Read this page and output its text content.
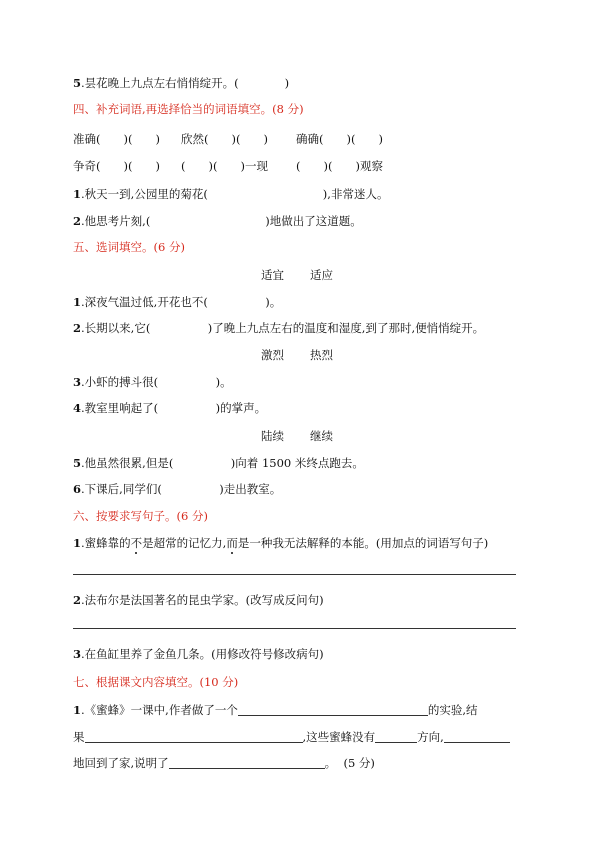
5.昙花晚上九点左右悄悄绽开。(　　　　)
四、补充词语,再选择恰当的词语填空。(8 分)
准确(　　)(　　) 欣然(　　)(　　) 确确(　　)(　　)
争奇(　　)(　　) (　　)(　　)一现 (　　)(　　)观察
1.秋天一到,公园里的菊花(　　　　　　　　　　),非常迷人。
2.他思考片刻,(　　　　　　　　　　)地做出了这道题。
五、选词填空。(6 分)
适宜 适应
1.深夜气温过低,开花也不(　　　　　)。
2.长期以来,它(　　　　　)了晚上九点左右的温度和湿度,到了那时,便悄悄绽开。
激烈 热烈
3.小虾的搏斗很(　　　　　)。
4.教室里响起了(　　　　　)的掌声。
陆续 继续
5.他虽然很累,但是(　　　　　)向着 1500 米终点跑去。
6.下课后,同学们(　　　　　)走出教室。
六、按要求写句子。(6 分)
1.蜜蜂靠的不是超常的记忆力,而是一种我无法解释的本能。(用加点的词语写句子)
2.法布尔是法国著名的昆虫学家。(改写成反问句)
3.在鱼缸里养了金鱼几条。(用修改符号修改病句)
七、根据课文内容填空。(10 分)
1.《蜜蜂》一课中,作者做了一个	的实验,结
果	,这些蜜蜂没有	方向,
地回到了家,说明了	。 (5 分)
